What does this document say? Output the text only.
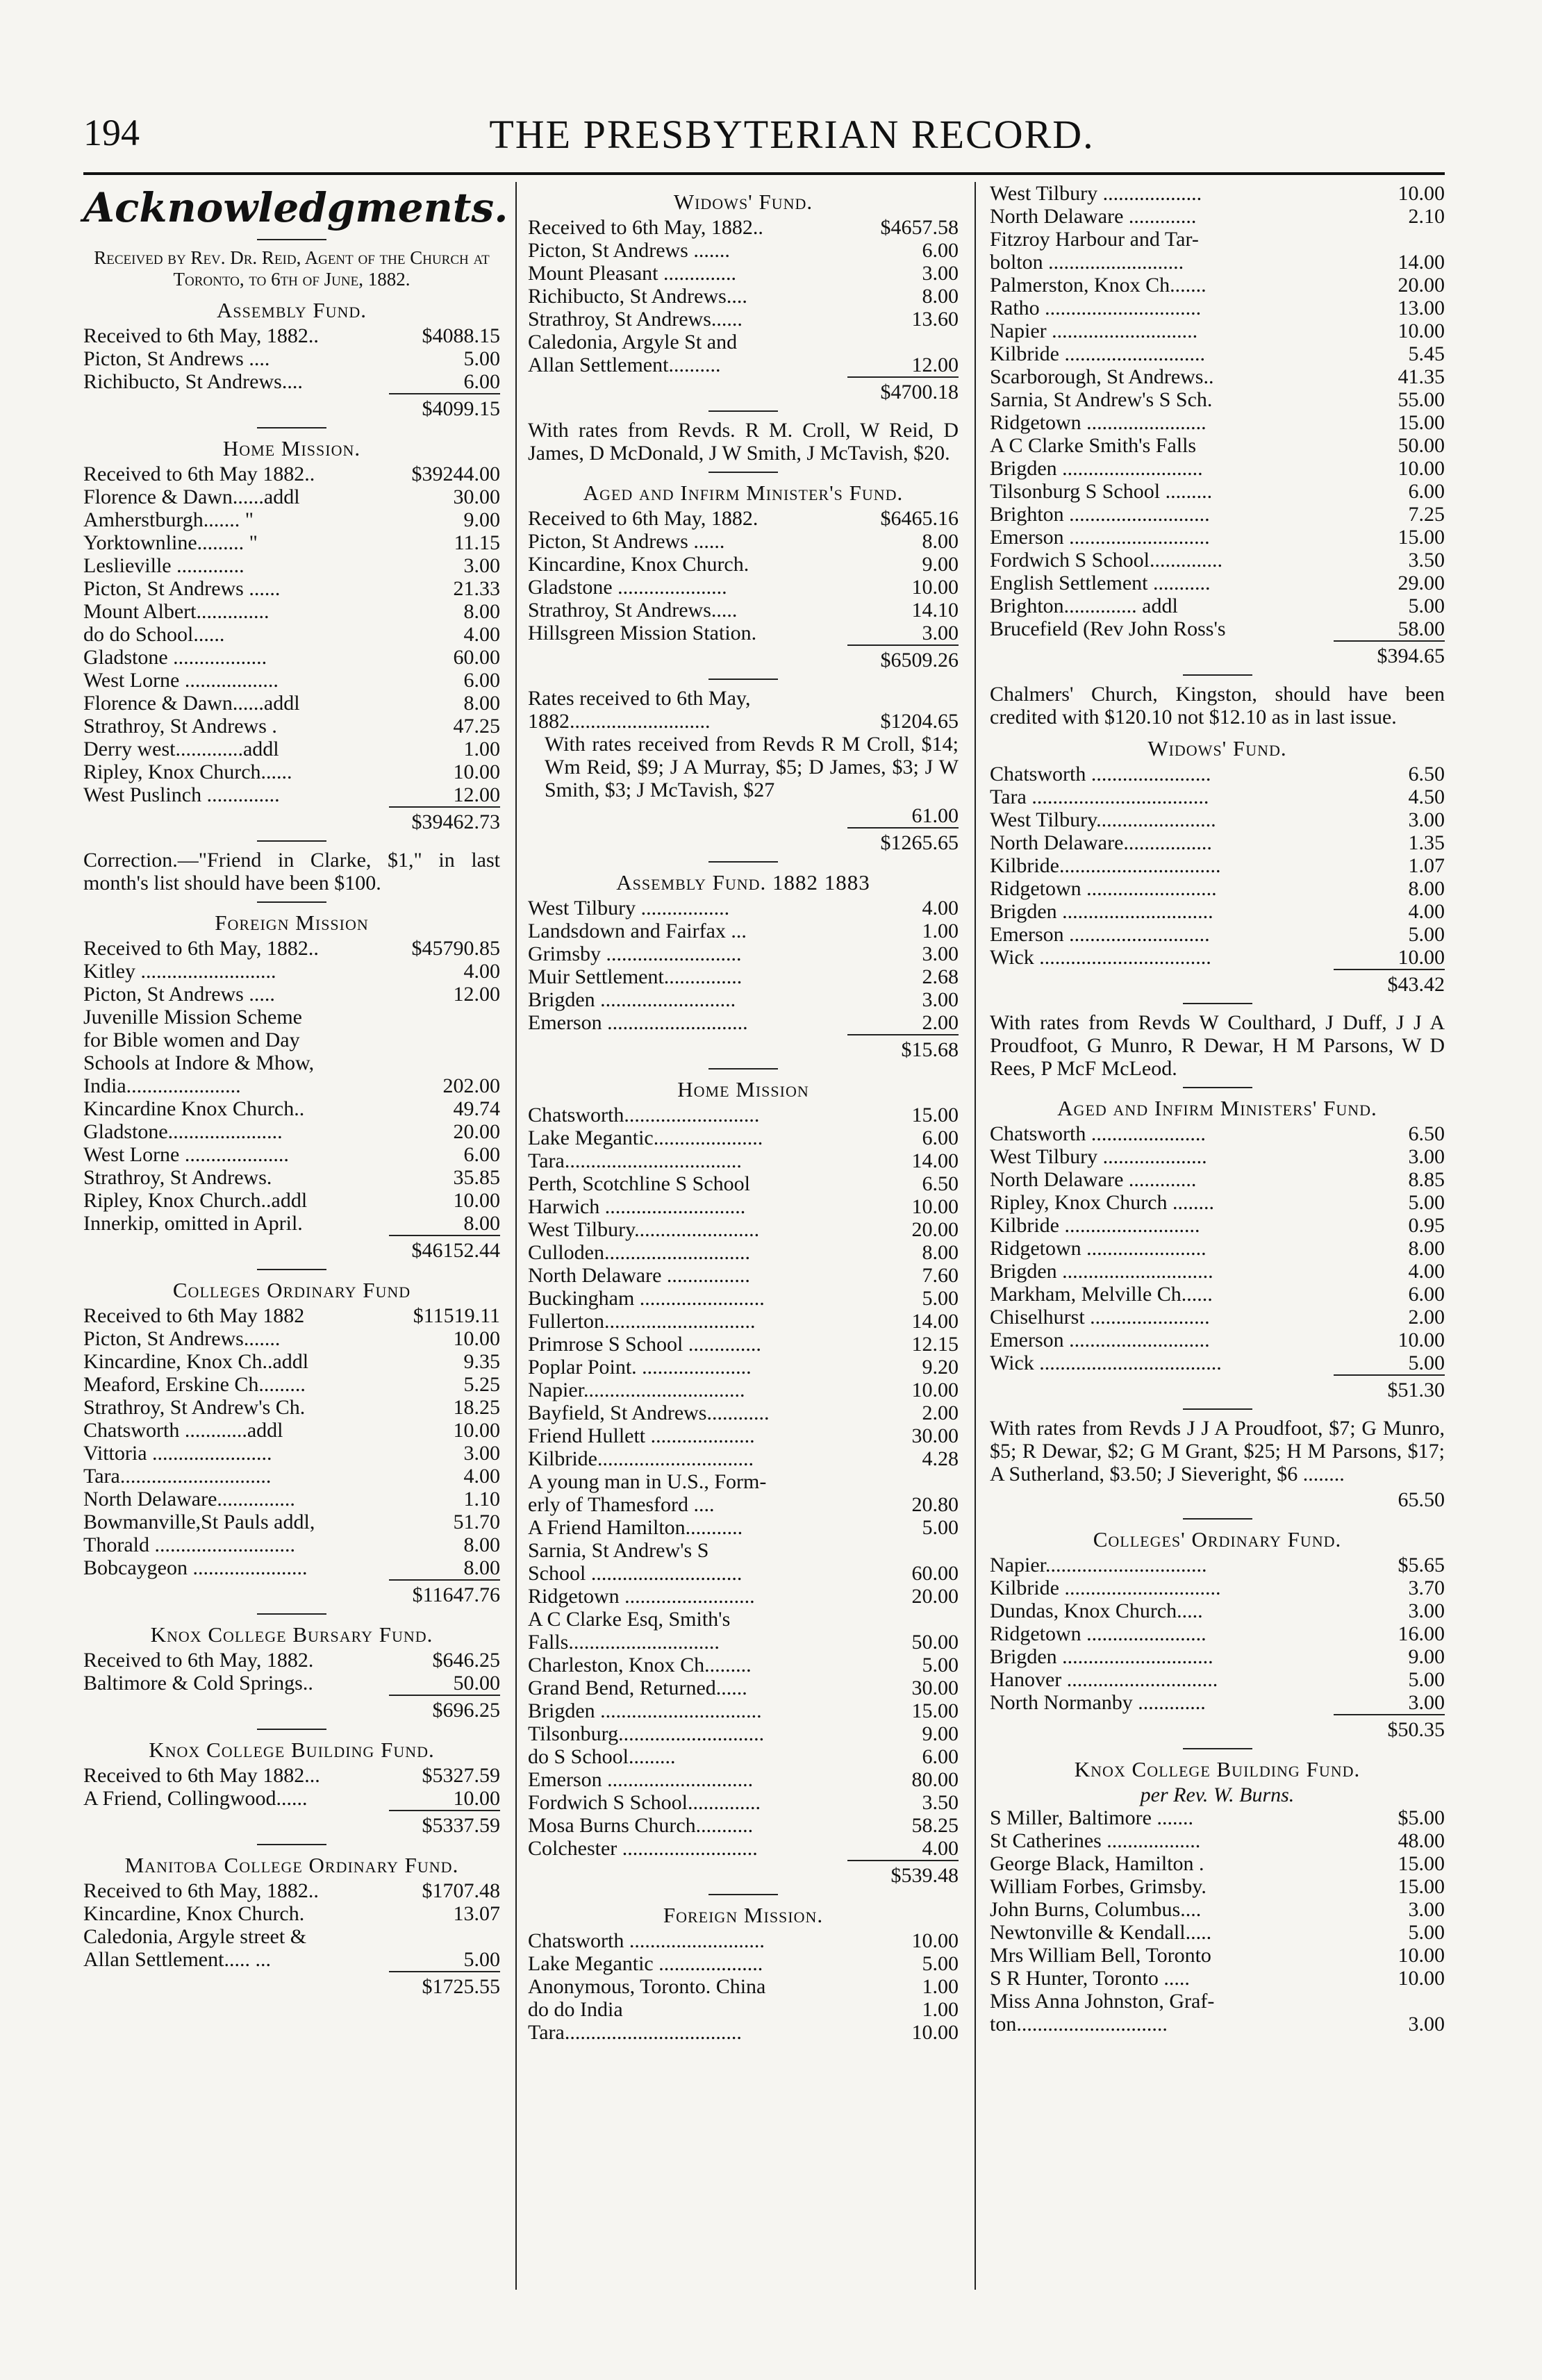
194	THE PRESBYTERIAN RECORD.
Acknowledgments.
Received by Rev. Dr. Reid, Agent of the Church at Toronto, to 6th of June, 1882.
Assembly Fund.
Received to 6th May, 1882..	$4088.15
Picton, St Andrews ....	5.00
Richibucto, St Andrews....	6.00
$4099.15
Home Mission.
Received to 6th May 1882..	$39244.00
Florence & Dawn......addl	30.00
Amherstburgh....... "	9.00
Yorktownline......... "	11.15
Leslieville .............	3.00
Picton, St Andrews ......	21.33
Mount Albert..............	8.00
do do School......	4.00
Gladstone ..................	60.00
West Lorne ..................	6.00
Florence & Dawn......addl	8.00
Strathroy, St Andrews .	47.25
Derry west.............addl	1.00
Ripley, Knox Church......	10.00
West Puslinch ..............	12.00
$39462.73
Correction.—"Friend in Clarke, $1," in last month's list should have been $100.
Foreign Mission
Received to 6th May, 1882..	$45790.85
Kitley ..........................	4.00
Picton, St Andrews .....	12.00
Juvenille Mission Scheme
for Bible women and Day
Schools at Indore & Mhow,
India......................	202.00
Kincardine Knox Church..	49.74
Gladstone......................	20.00
West Lorne ....................	6.00
Strathroy, St Andrews.	35.85
Ripley, Knox Church..addl	10.00
Innerkip, omitted in April.	8.00
$46152.44
Colleges Ordinary Fund
Received to 6th May 1882	$11519.11
Picton, St Andrews.......	10.00
Kincardine, Knox Ch..addl	9.35
Meaford, Erskine Ch.........	5.25
Strathroy, St Andrew's Ch.	18.25
Chatsworth ............addl	10.00
Vittoria .......................	3.00
Tara.............................	4.00
North Delaware...............	1.10
Bowmanville,St Pauls addl,	51.70
Thorald ...........................	8.00
Bobcaygeon ......................	8.00
$11647.76
Knox College Bursary Fund.
Received to 6th May, 1882.	$646.25
Baltimore & Cold Springs..	50.00
$696.25
Knox College Building Fund.
Received to 6th May 1882...	$5327.59
A Friend, Collingwood......	10.00
$5337.59
Manitoba College Ordinary Fund.
Received to 6th May, 1882..	$1707.48
Kincardine, Knox Church.	13.07
Caledonia, Argyle street &
Allan Settlement..... ...	5.00
$1725.55
Widows' Fund.
Received to 6th May, 1882..	$4657.58
Picton, St Andrews .......	6.00
Mount Pleasant ..............	3.00
Richibucto, St Andrews....	8.00
Strathroy, St Andrews......	13.60
Caledonia, Argyle St and
Allan Settlement..........	12.00
$4700.18
With rates from Revds. R M. Croll, W Reid, D James, D McDonald, J W Smith, J McTavish, $20.
Aged and Infirm Minister's Fund.
Received to 6th May, 1882.	$6465.16
Picton, St Andrews ......	8.00
Kincardine, Knox Church.	9.00
Gladstone .....................	10.00
Strathroy, St Andrews.....	14.10
Hillsgreen Mission Station.	3.00
$6509.26
Rates received to 6th May,
1882...........................	$1204.65
With rates received from Revds R M Croll, $14; Wm Reid, $9; J A Murray, $5; D James, $3; J W Smith, $3; J McTavish, $27
61.00
$1265.65
Assembly Fund. 1882 1883
West Tilbury .................	4.00
Landsdown and Fairfax ...	1.00
Grimsby ..........................	3.00
Muir Settlement...............	2.68
Brigden ..........................	3.00
Emerson ...........................	2.00
$15.68
Home Mission
Chatsworth..........................	15.00
Lake Megantic.....................	6.00
Tara..................................	14.00
Perth, Scotchline S School	6.50
Harwich ...........................	10.00
West Tilbury........................	20.00
Culloden............................	8.00
North Delaware ................	7.60
Buckingham ........................	5.00
Fullerton.............................	14.00
Primrose S School ..............	12.15
Poplar Point. .....................	9.20
Napier...............................	10.00
Bayfield, St Andrews............	2.00
Friend Hullett ....................	30.00
Kilbride..............................	4.28
A young man in U.S., Form-
erly of Thamesford ....	20.80
A Friend Hamilton...........	5.00
Sarnia, St Andrew's S
School .............................	60.00
Ridgetown .........................	20.00
A C Clarke Esq, Smith's
Falls.............................	50.00
Charleston, Knox Ch.........	5.00
Grand Bend, Returned......	30.00
Brigden ...............................	15.00
Tilsonburg............................	9.00
do S School.........	6.00
Emerson ............................	80.00
Fordwich S School..............	3.50
Mosa Burns Church...........	58.25
Colchester ..........................	4.00
$539.48
Foreign Mission.
Chatsworth ..........................	10.00
Lake Megantic ....................	5.00
Anonymous, Toronto. China	1.00
do do India	1.00
Tara..................................	10.00
West Tilbury ...................	10.00
North Delaware .............	2.10
Fitzroy Harbour and Tar-
bolton ..........................	14.00
Palmerston, Knox Ch.......	20.00
Ratho ..............................	13.00
Napier ............................	10.00
Kilbride ...........................	5.45
Scarborough, St Andrews..	41.35
Sarnia, St Andrew's S Sch.	55.00
Ridgetown .......................	15.00
A C Clarke Smith's Falls	50.00
Brigden ...........................	10.00
Tilsonburg S School .........	6.00
Brighton ...........................	7.25
Emerson ...........................	15.00
Fordwich S School..............	3.50
English Settlement ...........	29.00
Brighton.............. addl	5.00
Brucefield (Rev John Ross's	58.00
$394.65
Chalmers' Church, Kingston, should have been credited with $120.10 not $12.10 as in last issue.
Widows' Fund.
Chatsworth .......................	6.50
Tara ..................................	4.50
West Tilbury.......................	3.00
North Delaware.................	1.35
Kilbride...............................	1.07
Ridgetown .........................	8.00
Brigden .............................	4.00
Emerson ...........................	5.00
Wick .................................	10.00
$43.42
With rates from Revds W Coulthard, J Duff, J J A Proudfoot, G Munro, R Dewar, H M Parsons, W D Rees, P McF McLeod.
Aged and Infirm Ministers' Fund.
Chatsworth ......................	6.50
West Tilbury ....................	3.00
North Delaware .............	8.85
Ripley, Knox Church ........	5.00
Kilbride ..........................	0.95
Ridgetown .......................	8.00
Brigden .............................	4.00
Markham, Melville Ch......	6.00
Chiselhurst .......................	2.00
Emerson ...........................	10.00
Wick ...................................	5.00
$51.30
With rates from Revds J J A Proudfoot, $7; G Munro, $5; R Dewar, $2; G M Grant, $25; H M Parsons, $17; A Sutherland, $3.50; J Sieveright, $6 ........
65.50
Colleges' Ordinary Fund.
Napier...............................	$5.65
Kilbride ..............................	3.70
Dundas, Knox Church.....	3.00
Ridgetown .......................	16.00
Brigden .............................	9.00
Hanover .............................	5.00
North Normanby .............	3.00
$50.35
Knox College Building Fund.
per Rev. W. Burns.
S Miller, Baltimore .......	$5.00
St Catherines ..................	48.00
George Black, Hamilton .	15.00
William Forbes, Grimsby.	15.00
John Burns, Columbus....	3.00
Newtonville & Kendall.....	5.00
Mrs William Bell, Toronto	10.00
S R Hunter, Toronto .....	10.00
Miss Anna Johnston, Graf-
ton.............................	3.00
